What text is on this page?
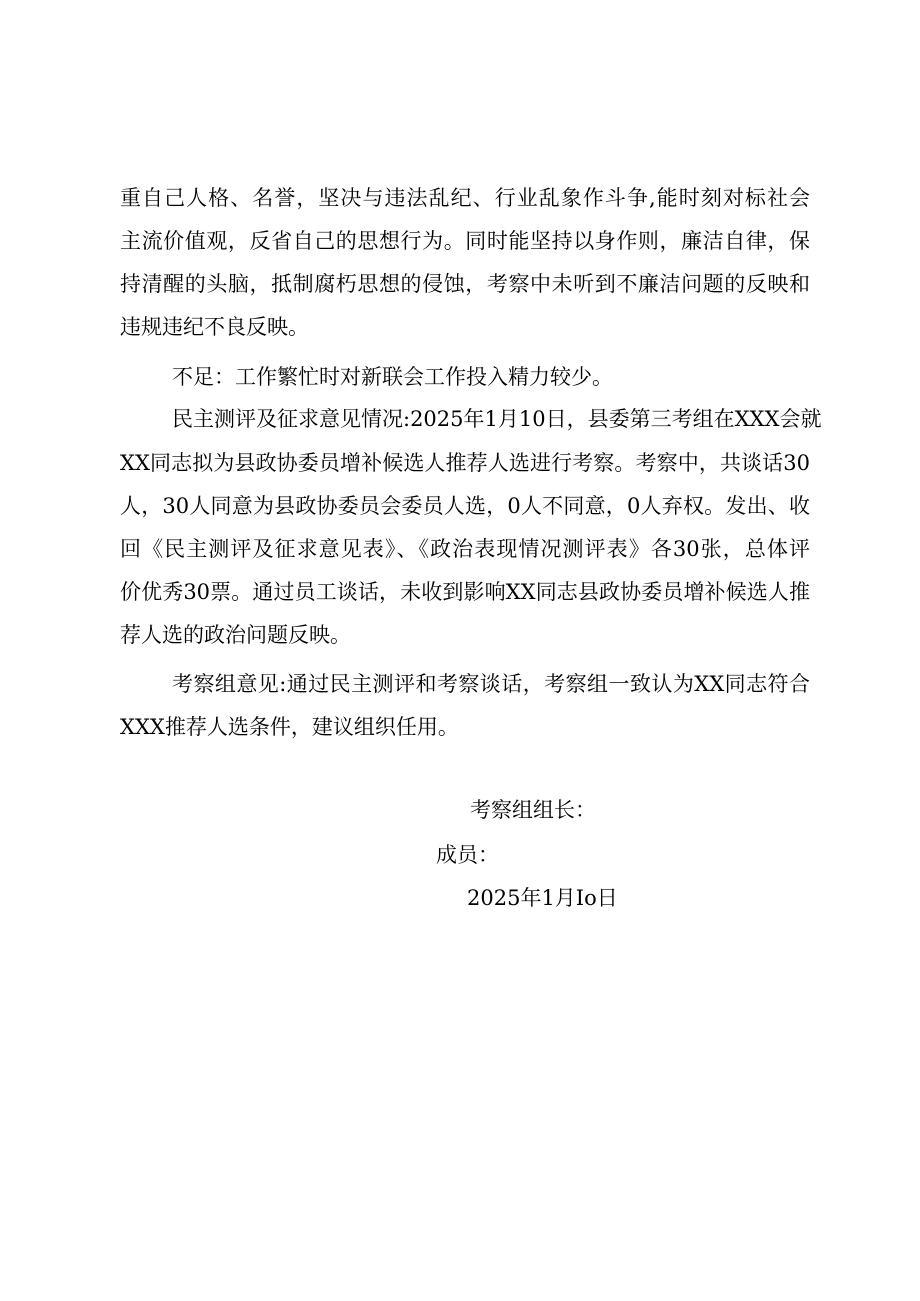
重自己人格、名誉，坚决与违法乱纪、行业乱象作斗争,能时刻对标社会
主流价值观，反省自己的思想行为。同时能坚持以身作则，廉洁自律，保
持清醒的头脑，抵制腐朽思想的侵蚀，考察中未听到不廉洁问题的反映和
违规违纪不良反映。
不足：工作繁忙时对新联会工作投入精力较少。
民主测评及征求意见情况:2025年1月10日，县委第三考组在XXX会就
XX同志拟为县政协委员增补候选人推荐人选进行考察。考察中，共谈话30
人，30人同意为县政协委员会委员人选，0人不同意，0人弃权。发出、收
回《民主测评及征求意见表》、《政治表现情况测评表》各30张，总体评
价优秀30票。通过员工谈话，未收到影响XX同志县政协委员增补候选人推
荐人选的政治问题反映。
考察组意见:通过民主测评和考察谈话，考察组一致认为XX同志符合
XXX推荐人选条件，建议组织任用。
考察组组长：
成员：
2025年1月Io日
